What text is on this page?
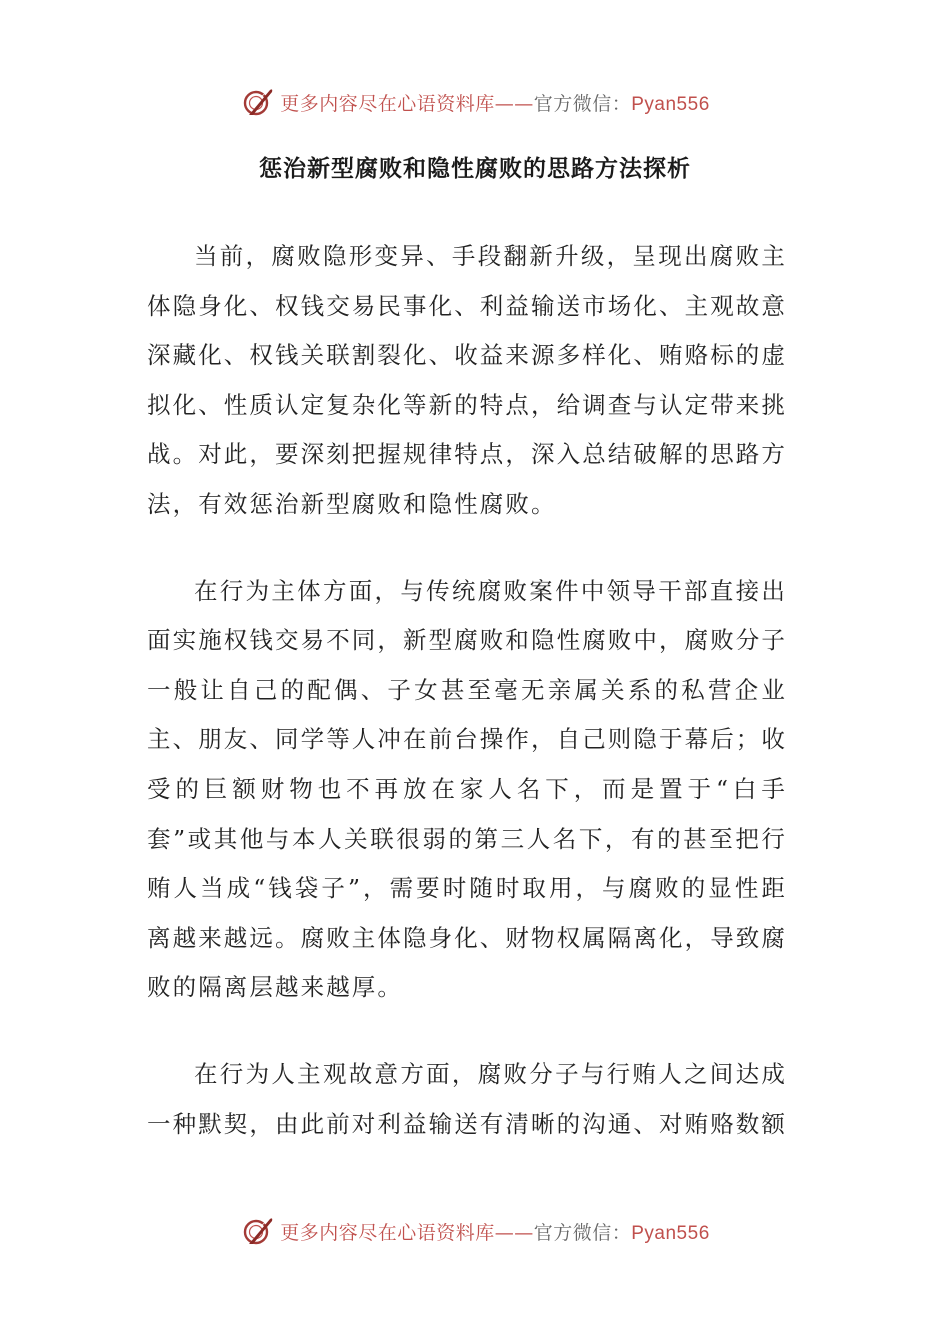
更多内容尽在心语资料库——官方微信：Pyan556
惩治新型腐败和隐性腐败的思路方法探析

当前，腐败隐形变异、手段翻新升级，呈现出腐败主体隐身化、权钱交易民事化、利益输送市场化、主观故意深藏化、权钱关联割裂化、收益来源多样化、贿赂标的虚拟化、性质认定复杂化等新的特点，给调查与认定带来挑战。对此，要深刻把握规律特点，深入总结破解的思路方法，有效惩治新型腐败和隐性腐败。

在行为主体方面，与传统腐败案件中领导干部直接出面实施权钱交易不同，新型腐败和隐性腐败中，腐败分子一般让自己的配偶、子女甚至毫无亲属关系的私营企业主、朋友、同学等人冲在前台操作，自己则隐于幕后；收受的巨额财物也不再放在家人名下，而是置于“白手套”或其他与本人关联很弱的第三人名下，有的甚至把行贿人当成“钱袋子”，需要时随时取用，与腐败的显性距离越来越远。腐败主体隐身化、财物权属隔离化，导致腐败的隔离层越来越厚。

在行为人主观故意方面，腐败分子与行贿人之间达成一种默契，由此前对利益输送有清晰的沟通、对贿赂数额

更多内容尽在心语资料库——官方微信：Pyan556
